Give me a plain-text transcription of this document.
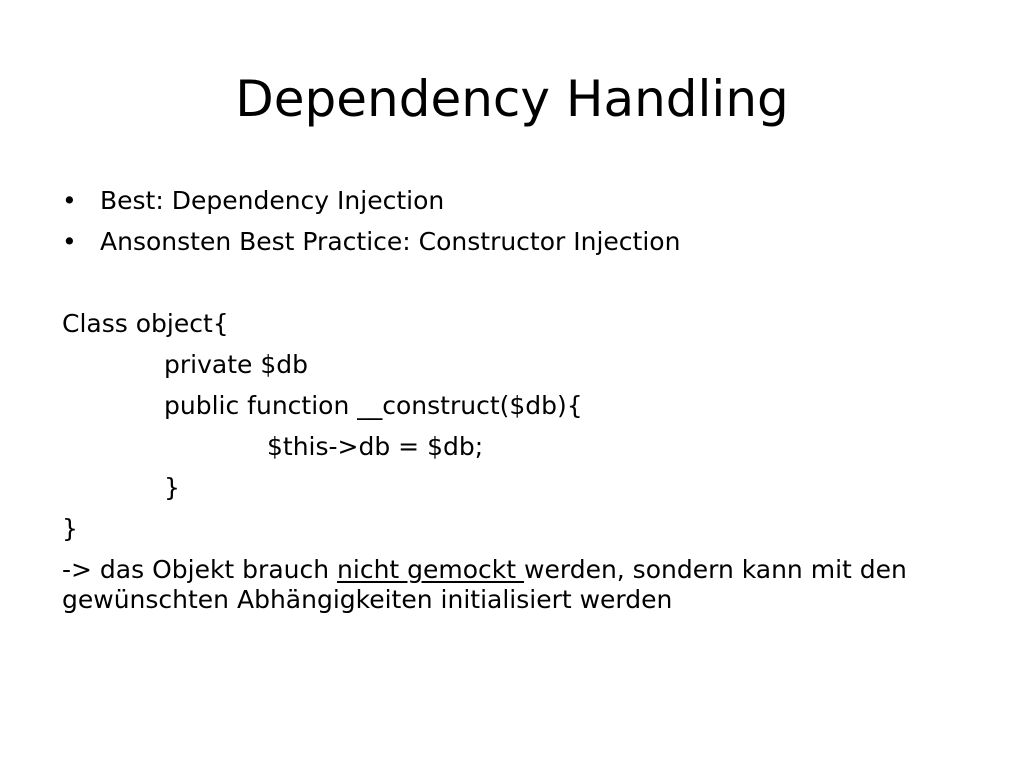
Dependency Handling
• Best: Dependency Injection
• Ansonsten Best Practice: Constructor Injection
Class object{
private $db
public function __construct($db){
$this->db = $db;
}
}
-> das Objekt brauch nicht gemockt werden, sondern kann mit den gewünschten Abhängigkeiten initialisiert werden
